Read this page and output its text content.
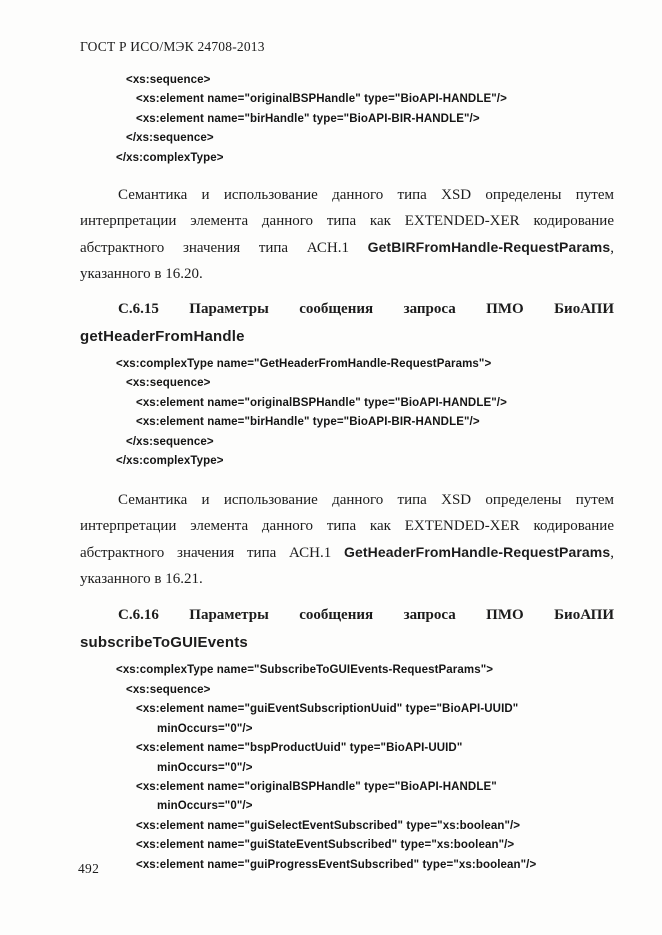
ГОСТ Р ИСО/МЭК 24708-2013
<xs:sequence>
<xs:element name="originalBSPHandle" type="BioAPI-HANDLE"/>
<xs:element name="birHandle" type="BioAPI-BIR-HANDLE"/>
</xs:sequence>
</xs:complexType>

Семантика и использование данного типа XSD определены путем
интерпретации элемента данного типа как EXTENDED-XER кодирование
абстрактного значения типа АСН.1 GetBIRFromHandle-RequestParams,
указанного в 16.20.

С.6.15 Параметры сообщения запроса ПМО БиоАПИ
getHeaderFromHandle
<xs:complexType name="GetHeaderFromHandle-RequestParams">
<xs:sequence>
<xs:element name="originalBSPHandle" type="BioAPI-HANDLE"/>
<xs:element name="birHandle" type="BioAPI-BIR-HANDLE"/>
</xs:sequence>
</xs:complexType>

Семантика и использование данного типа XSD определены путем
интерпретации элемента данного типа как EXTENDED-XER кодирование
абстрактного значения типа АСН.1 GetHeaderFromHandle-RequestParams,
указанного в 16.21.

С.6.16 Параметры сообщения запроса ПМО БиоАПИ
subscribeToGUIEvents
<xs:complexType name="SubscribeToGUIEvents-RequestParams">
<xs:sequence>
<xs:element name="guiEventSubscriptionUuid" type="BioAPI-UUID"
minOccurs="0"/>
<xs:element name="bspProductUuid" type="BioAPI-UUID"
minOccurs="0"/>
<xs:element name="originalBSPHandle" type="BioAPI-HANDLE"
minOccurs="0"/>
<xs:element name="guiSelectEventSubscribed" type="xs:boolean"/>
<xs:element name="guiStateEventSubscribed" type="xs:boolean"/>
<xs:element name="guiProgressEventSubscribed" type="xs:boolean"/>
492
